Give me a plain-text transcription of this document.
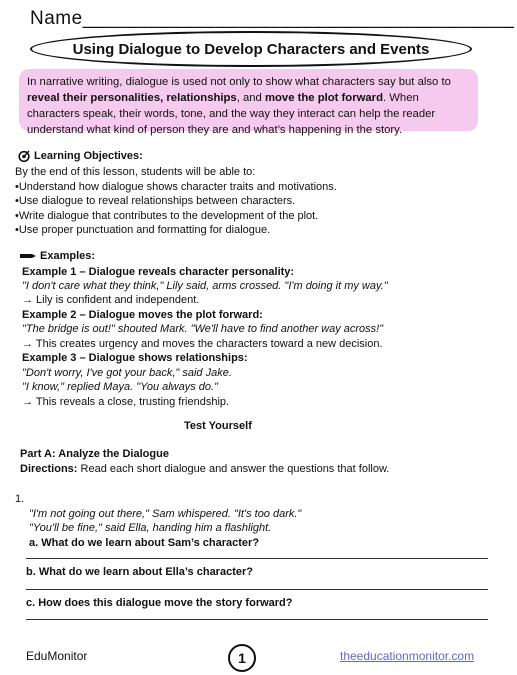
Name_______________________________________
Using Dialogue to Develop Characters and Events
In narrative writing, dialogue is used not only to show what characters say but also to reveal their personalities, relationships, and move the plot forward. When characters speak, their words, tone, and the way they interact can help the reader understand what kind of person they are and what’s happening in the story.
Learning Objectives:
By the end of this lesson, students will be able to:
•Understand how dialogue shows character traits and motivations.
•Use dialogue to reveal relationships between characters.
•Write dialogue that contributes to the development of the plot.
•Use proper punctuation and formatting for dialogue.
Examples:
Example 1 – Dialogue reveals character personality:
"I don't care what they think," Lily said, arms crossed. "I'm doing it my way."
→ Lily is confident and independent.
Example 2 – Dialogue moves the plot forward:
"The bridge is out!" shouted Mark. "We'll have to find another way across!"
→ This creates urgency and moves the characters toward a new decision.
Example 3 – Dialogue shows relationships:
"Don't worry, I've got your back," said Jake.
"I know," replied Maya. "You always do."
→ This reveals a close, trusting friendship.
Test Yourself
Part A: Analyze the Dialogue
Directions: Read each short dialogue and answer the questions that follow.
1.
"I'm not going out there," Sam whispered. "It's too dark."
"You'll be fine," said Ella, handing him a flashlight.
a. What do we learn about Sam’s character?
b. What do we learn about Ella’s character?
c. How does this dialogue move the story forward?
EduMonitor	1	theeducationmonitor.com
